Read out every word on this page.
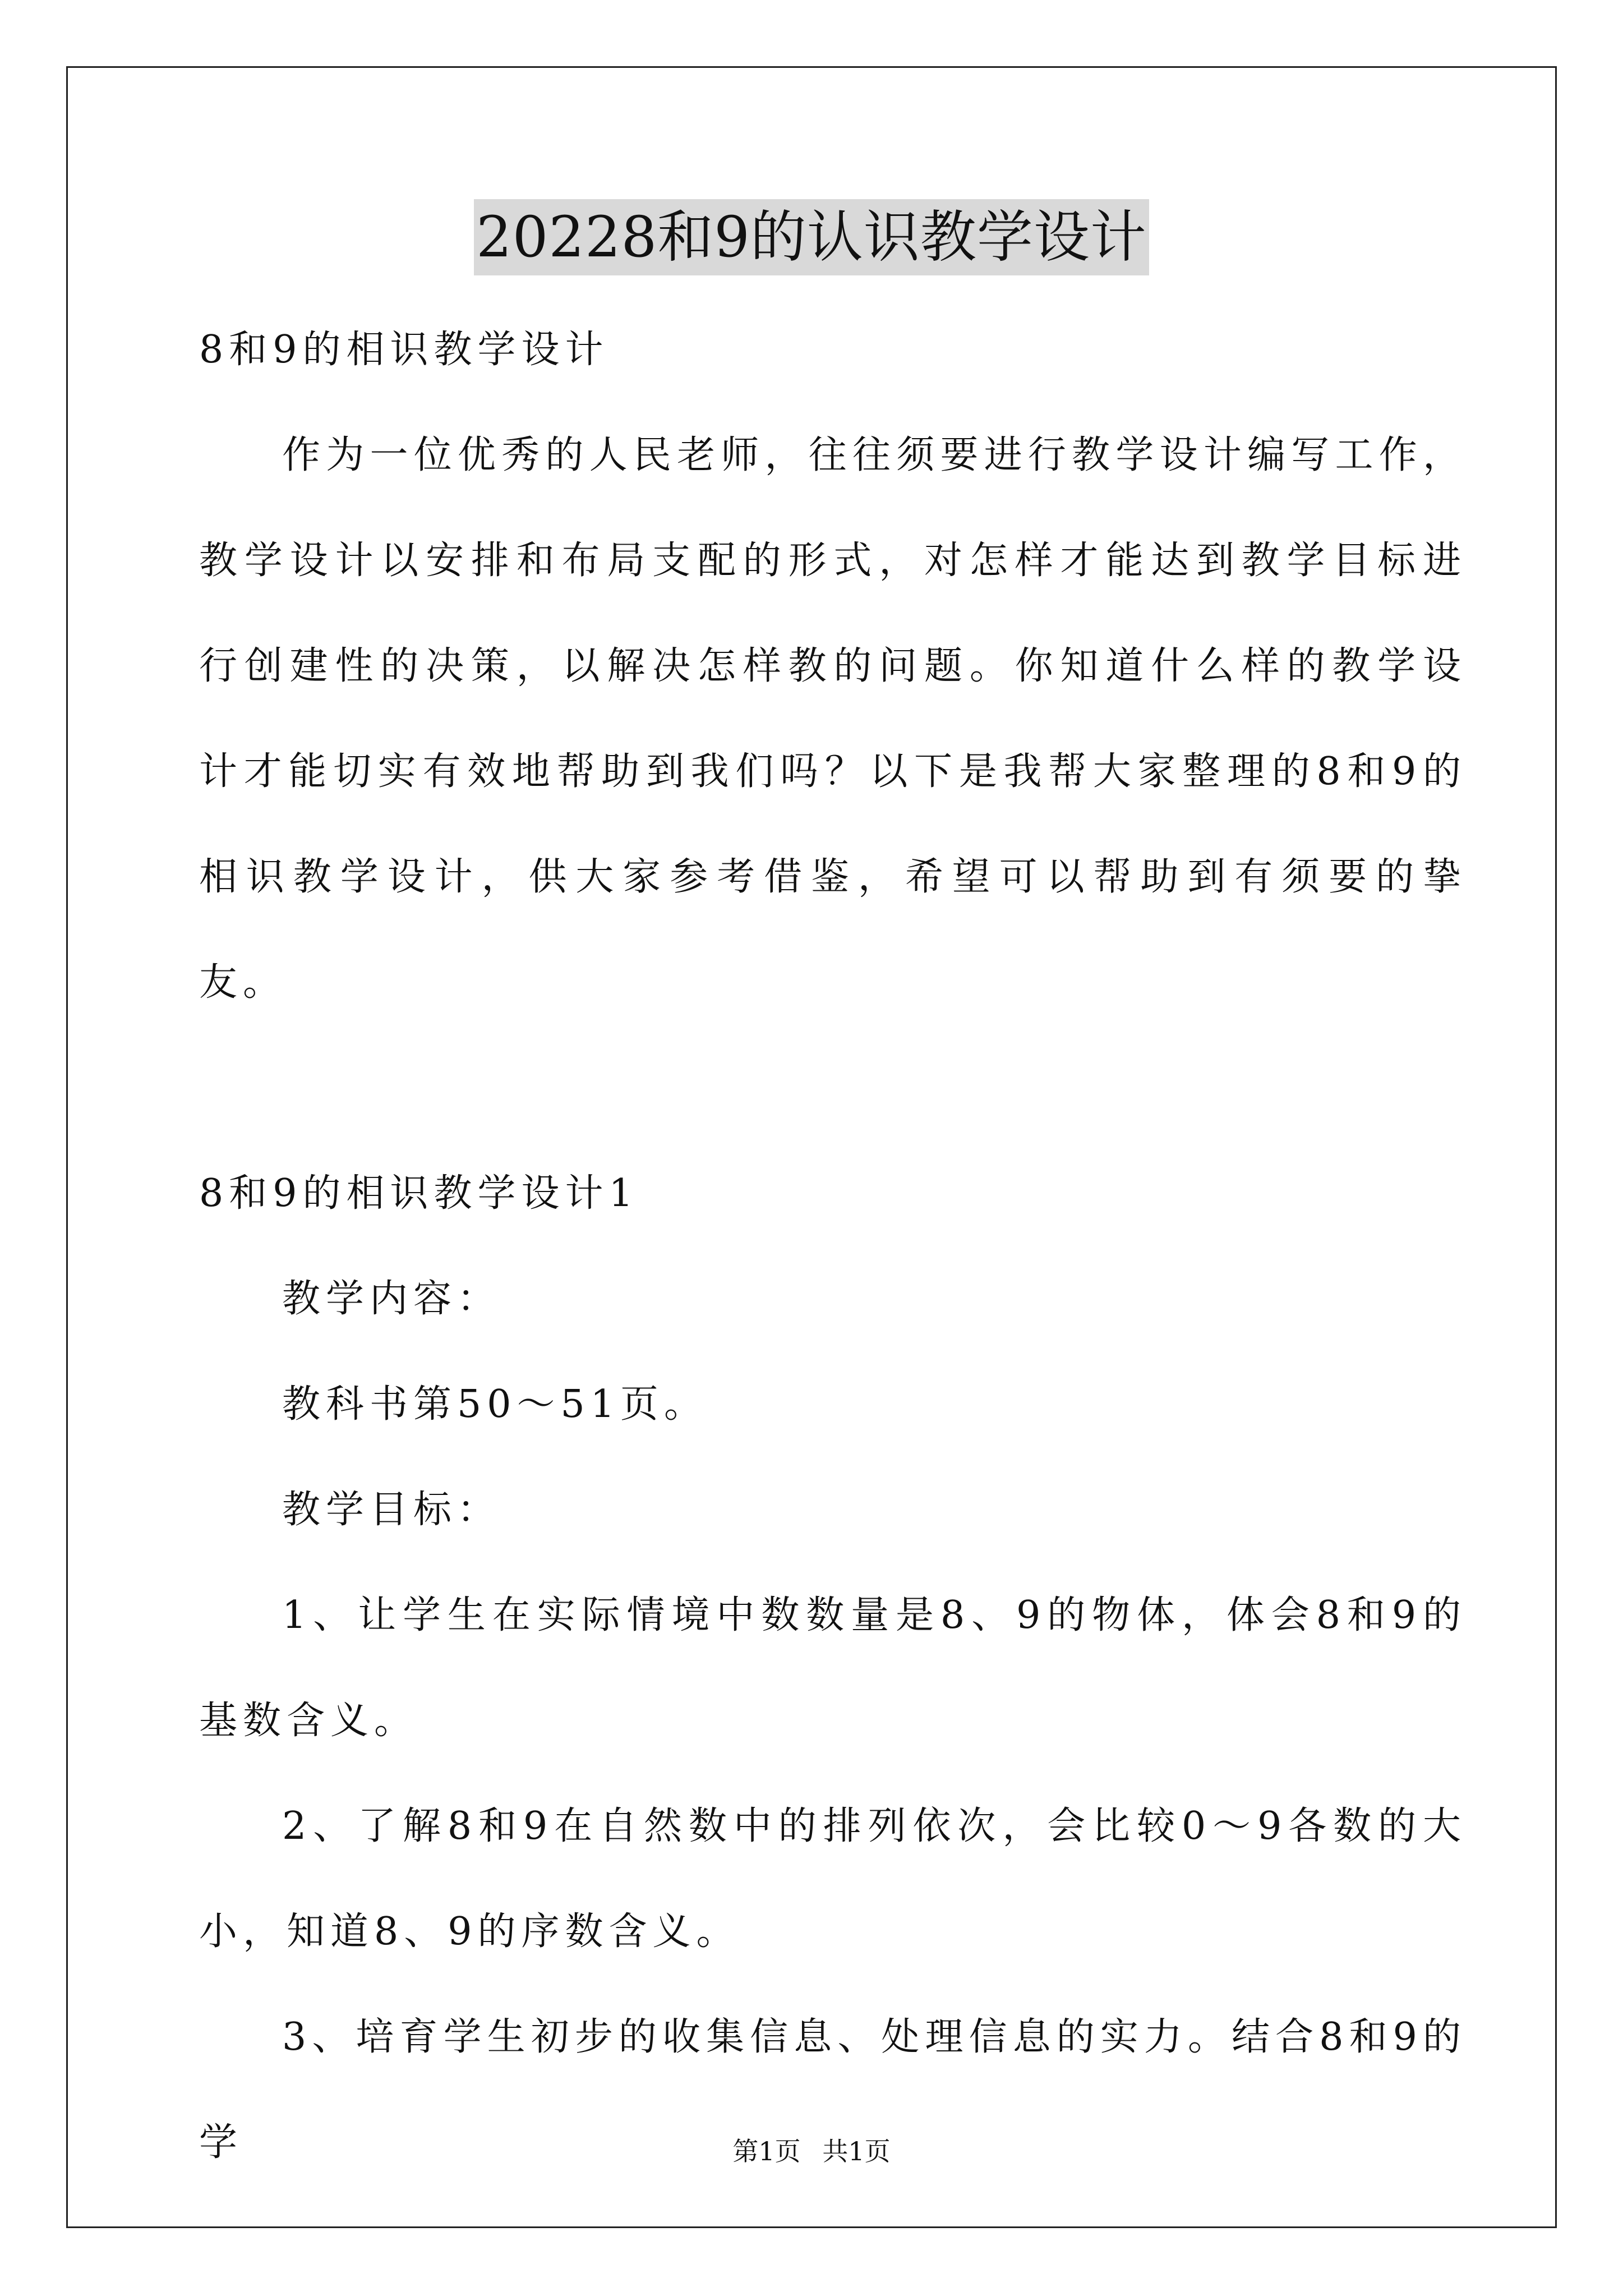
20228和9的认识教学设计

8和9的相识教学设计

作为一位优秀的人民老师，往往须要进行教学设计编写工作，教学设计以安排和布局支配的形式，对怎样才能达到教学目标进行创建性的决策，以解决怎样教的问题。你知道什么样的教学设计才能切实有效地帮助到我们吗？以下是我帮大家整理的8和9的相识教学设计，供大家参考借鉴，希望可以帮助到有须要的挚友。

8和9的相识教学设计1

教学内容：

教科书第50～51页。

教学目标：

1、让学生在实际情境中数数量是8、9的物体，体会8和9的基数含义。

2、了解8和9在自然数中的排列依次，会比较0～9各数的大小，知道8、9的序数含义。

3、培育学生初步的收集信息、处理信息的实力。结合8和9的学	第1页 共1页
